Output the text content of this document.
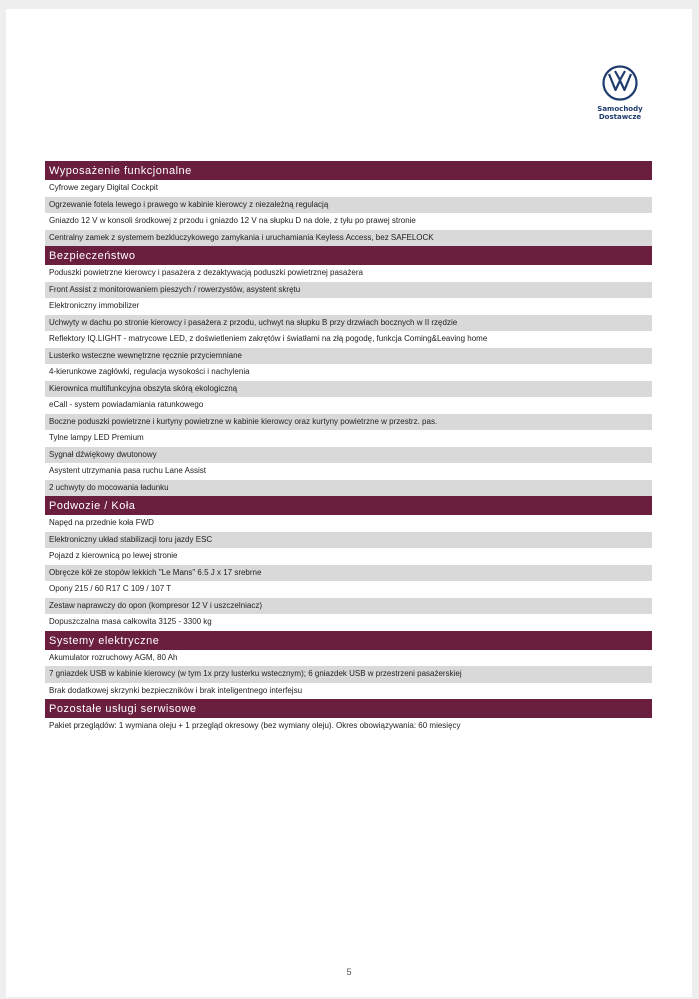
Samochody
Dostawcze
Wyposażenie funkcjonalne
Cyfrowe zegary Digital Cockpit
Ogrzewanie fotela lewego i prawego w kabinie kierowcy z niezależną regulacją
Gniazdo 12 V w konsoli środkowej z przodu i gniazdo 12 V na słupku D na dole, z tyłu po prawej stronie
Centralny zamek z systemem bezkluczykowego zamykania i uruchamiania Keyless Access, bez SAFELOCK
Bezpieczeństwo
Poduszki powietrzne kierowcy i pasażera z dezaktywacją poduszki powietrznej pasażera
Front Assist z monitorowaniem pieszych / rowerzystów, asystent skrętu
Elektroniczny immobilizer
Uchwyty w dachu po stronie kierowcy i pasażera z przodu, uchwyt na słupku B przy drzwiach bocznych w II rzędzie
Reflektory IQ.LIGHT - matrycowe LED, z doświetleniem zakrętów i światłami na złą pogodę, funkcja Coming&Leaving home
Lusterko wsteczne wewnętrzne ręcznie przyciemniane
4-kierunkowe zagłówki, regulacja wysokości i nachylenia
Kierownica multifunkcyjna obszyta skórą ekologiczną
eCall - system powiadamiania ratunkowego
Boczne poduszki powietrzne i kurtyny powietrzne w kabinie kierowcy oraz kurtyny powietrzne w przestrz. pas.
Tylne lampy LED Premium
Sygnał dźwiękowy dwutonowy
Asystent utrzymania pasa ruchu Lane Assist
2 uchwyty do mocowania ładunku
Podwozie / Koła
Napęd na przednie koła FWD
Elektroniczny układ stabilizacji toru jazdy ESC
Pojazd z kierownicą po lewej stronie
Obręcze kół ze stopów lekkich "Le Mans" 6.5 J x 17 srebrne
Opony 215 / 60 R17 C 109 / 107 T
Zestaw naprawczy do opon (kompresor 12 V i uszczelniacz)
Dopuszczalna masa całkowita 3125 - 3300 kg
Systemy elektryczne
Akumulator rozruchowy AGM, 80 Ah
7 gniazdek USB w kabinie kierowcy (w tym 1x przy lusterku wstecznym); 6 gniazdek USB w przestrzeni pasażerskiej
Brak dodatkowej skrzynki bezpieczników i brak inteligentnego interfejsu
Pozostałe usługi serwisowe
Pakiet przeglądów: 1 wymiana oleju + 1 przegląd okresowy (bez wymiany oleju). Okres obowiązywania: 60 miesięcy
5
